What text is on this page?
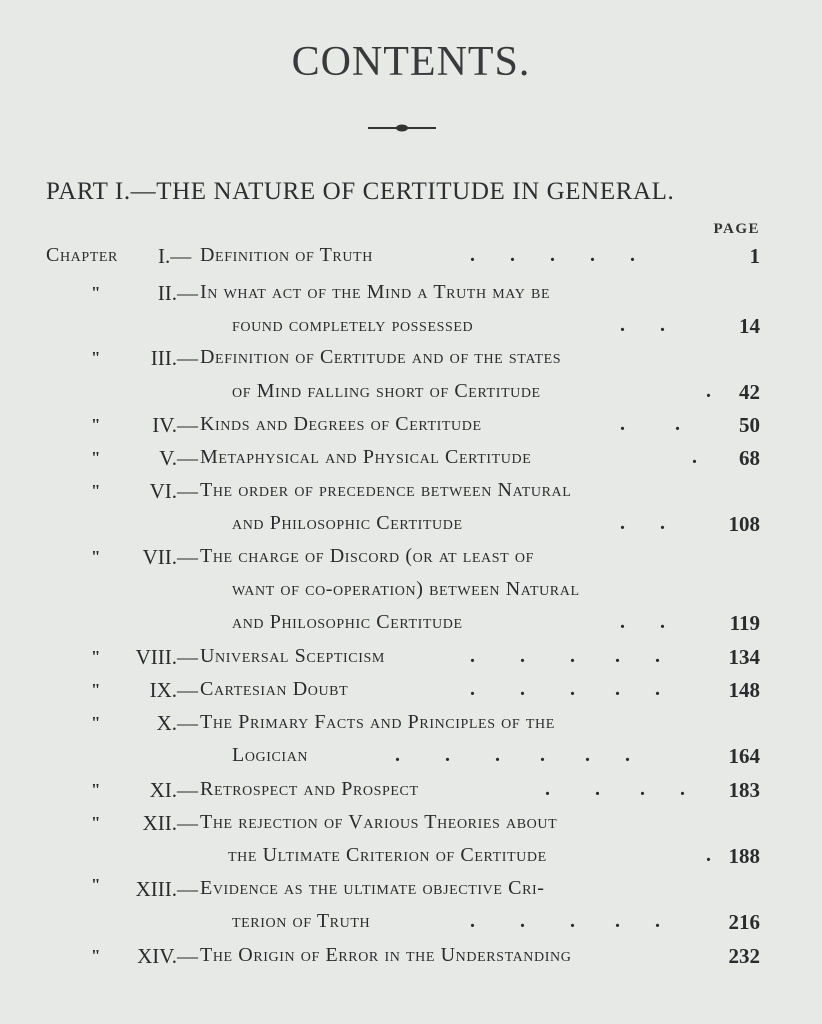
CONTENTS.
PART I.—THE NATURE OF CERTITUDE IN GENERAL.
PAGE
Chapter I.— Definition of Truth	.       .       .       .       .	1
"	II.— In what act of the Mind a Truth may be
found completely possessed	.       .	14
" III.— Definition of Certitude and of the states
of Mind falling short of Certitude	. 42
" IV.— Kinds and Degrees of Certitude	.          .	50
"	V.— Metaphysical and Physical Certitude	. 68
" VI.— The order of precedence between Natural
and Philosophic Certitude	.       .	108
" VII.— The charge of Discord (or at least of
want of co-operation) between Natural
and Philosophic Certitude	.       .	119
" VIII.— Universal Scepticism	.         .         .        .       .	134
" IX.— Cartesian Doubt	.         .         .        .       .	148
"	X.— The Primary Facts and Principles of the
Logician	.         .         .        .        .       .	164
" XI.— Retrospect and Prospect	.         .        .       . 183
" XII.— The rejection of Various Theories about
the Ultimate Criterion of Certitude	. 188
" XIII.— Evidence as the ultimate objective Cri-
terion of Truth	.         .         .        .       .	216
" XIV.— The Origin of Error in the Understanding	232
